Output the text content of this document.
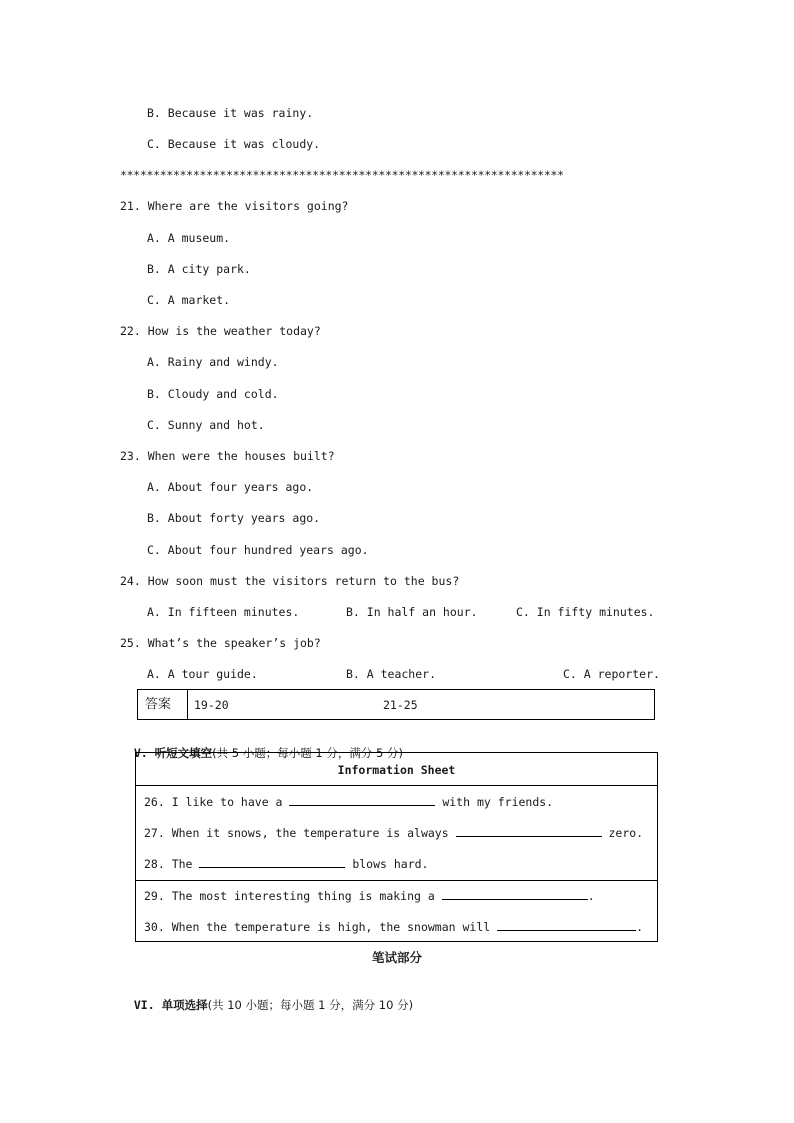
B. Because it was rainy.
C. Because it was cloudy.
*******************************************************************
21. Where are the visitors going?
A. A museum.
B. A city park.
C. A market.
22. How is the weather today?
A. Rainy and windy.
B. Cloudy and cold.
C. Sunny and hot.
23. When were the houses built?
A. About four years ago.
B. About forty years ago.
C. About four hundred years ago.
24. How soon must the visitors return to the bus?
A. In fifteen minutes.	B. In half an hour.	C. In fifty minutes.
25. What’s the speaker’s job?
A. A tour guide.	B. A teacher.	C. A reporter.
答案 19-20	21-25

V. 听短文填空(共 5 小题；每小题 1 分，满分 5 分)

Information Sheet
26. I like to have a	with my friends.
27. When it snows, the temperature is always	zero.
28. The	blows hard.
29. The most interesting thing is making a	.
30. When the temperature is high, the snowman will	.
笔试部分

VI. 单项选择(共 10 小题；每小题 1 分，满分 10 分)
